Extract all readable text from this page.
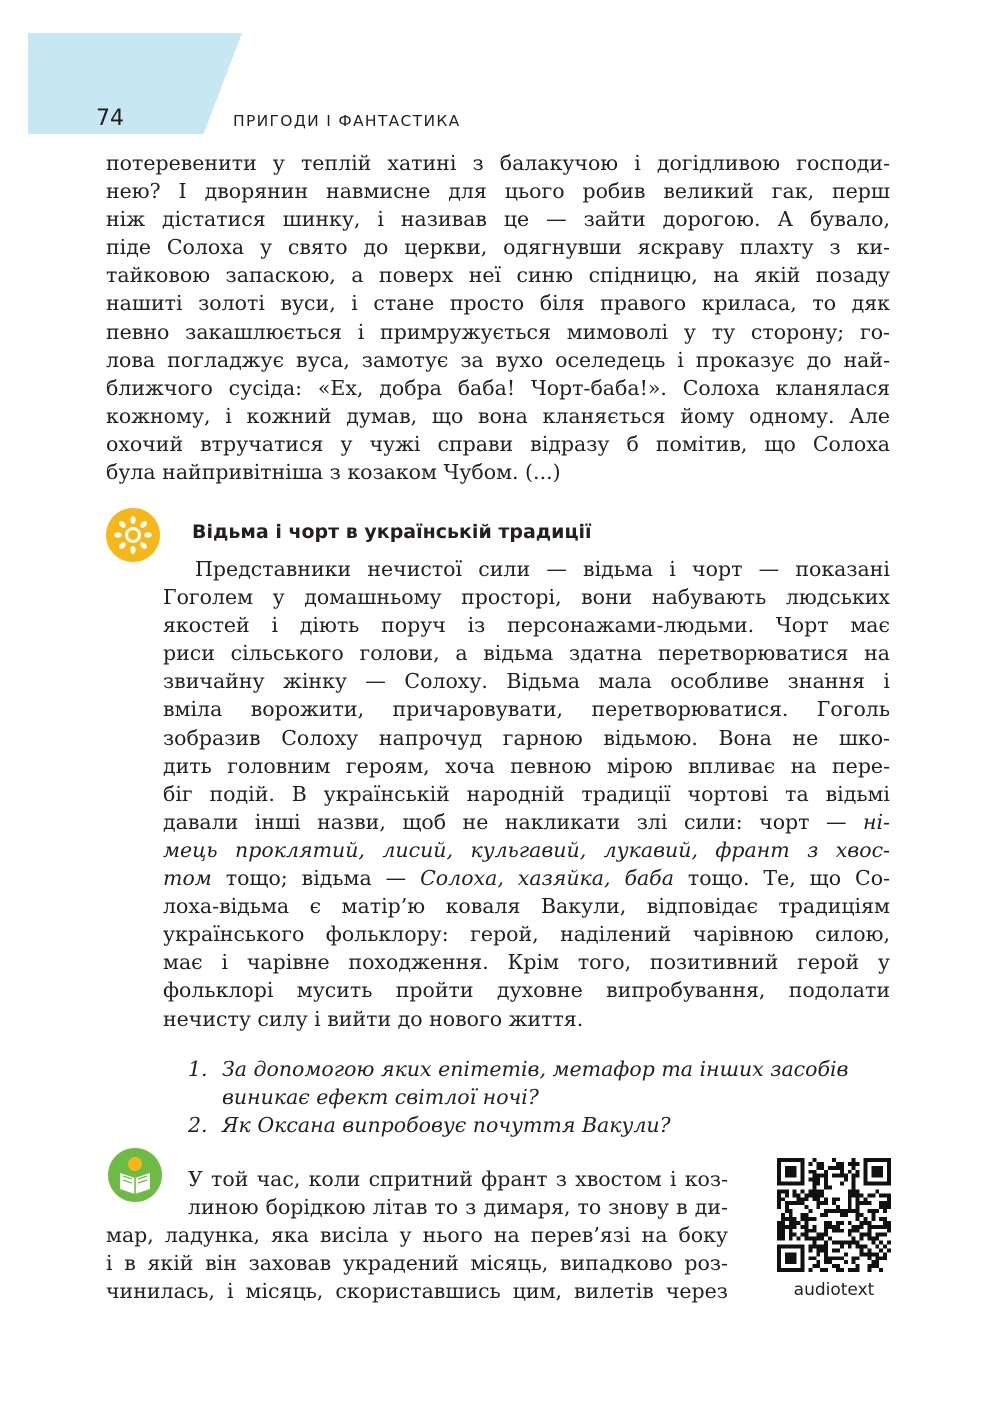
74	ПРИГОДИ І ФАНТАСТИКА
потеревенити у теплій хатині з балакучою і догідливою господи-
нею? І дворянин навмисне для цього робив великий гак, перш
ніж дістатися шинку, і називав це — зайти дорогою. А бувало,
піде Солоха у свято до церкви, одягнувши яскраву плахту з ки-
тайковою запаскою, а поверх неї синю спідницю, на якій позаду
нашиті золоті вуси, і стане просто біля правого криласа, то дяк
певно закашлюється і примружується мимоволі у ту сторону; го-
лова погладжує вуса, замотує за вухо оселедець і проказує до най-
ближчого сусіда: «Ех, добра баба! Чорт-баба!». Солоха кланялася
кожному, і кожний думав, що вона кланяється йому одному. Але
охочий втручатися у чужі справи відразу б помітив, що Солоха
була найпривітніша з козаком Чубом. (...)
Відьма і чорт в українській традиції
Представники нечистої сили — відьма і чорт — показані
Гоголем у домашньому просторі, вони набувають людських
якостей і діють поруч із персонажами-людьми. Чорт має
риси сільського голови, а відьма здатна перетворюватися на
звичайну жінку — Солоху. Відьма мала особливе знання і
вміла ворожити, причаровувати, перетворюватися. Гоголь
зобразив Солоху напрочуд гарною відьмою. Вона не шко-
дить головним героям, хоча певною мірою впливає на пере-
біг подій. В українській народній традиції чортові та відьмі
давали інші назви, щоб не накликати злі сили: чорт — ні-
мець проклятий, лисий, кульгавий, лукавий, франт з хвос-
том тощо; відьма — Солоха, хазяйка, баба тощо. Те, що Со-
лоха-відьма є матір’ю коваля Вакули, відповідає традиціям
українського фольклору: герой, наділений чарівною силою,
має і чарівне походження. Крім того, позитивний герой у
фольклорі мусить пройти духовне випробування, подолати
нечисту силу і вийти до нового життя.
1. За допомогою яких епітетів, метафор та інших засобів виникає ефект світлої ночі?
2. Як Оксана випробовує почуття Вакули?
У той час, коли спритний франт з хвостом і коз-
линою борідкою літав то з димаря, то знову в ди-
мар, ладунка, яка висіла у нього на перев’язі на боку
і в якій він заховав украдений місяць, випадково роз-
чинилась, і місяць, скориставшись цим, вилетів через	audiotext
